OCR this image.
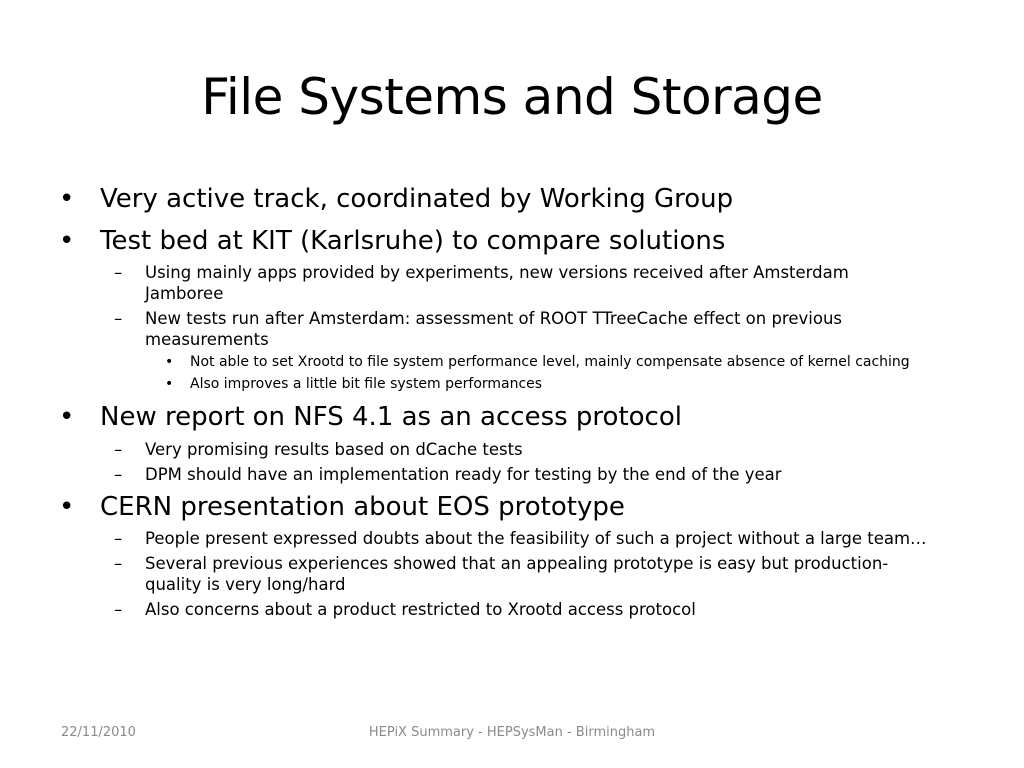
File Systems and Storage
• Very active track, coordinated by Working Group
• Test bed at KIT (Karlsruhe) to compare solutions
– Using mainly apps provided by experiments, new versions received after Amsterdam
Jamboree
– New tests run after Amsterdam: assessment of ROOT TTreeCache effect on previous
measurements
• Not able to set Xrootd to file system performance level, mainly compensate absence of kernel caching
• Also improves a little bit file system performances
• New report on NFS 4.1 as an access protocol
– Very promising results based on dCache tests
– DPM should have an implementation ready for testing by the end of the year
• CERN presentation about EOS prototype
– People present expressed doubts about the feasibility of such a project without a large team…
– Several previous experiences showed that an appealing prototype is easy but production-
quality is very long/hard
– Also concerns about a product restricted to Xrootd access protocol
22/11/2010	HEPiX Summary - HEPSysMan - Birmingham
